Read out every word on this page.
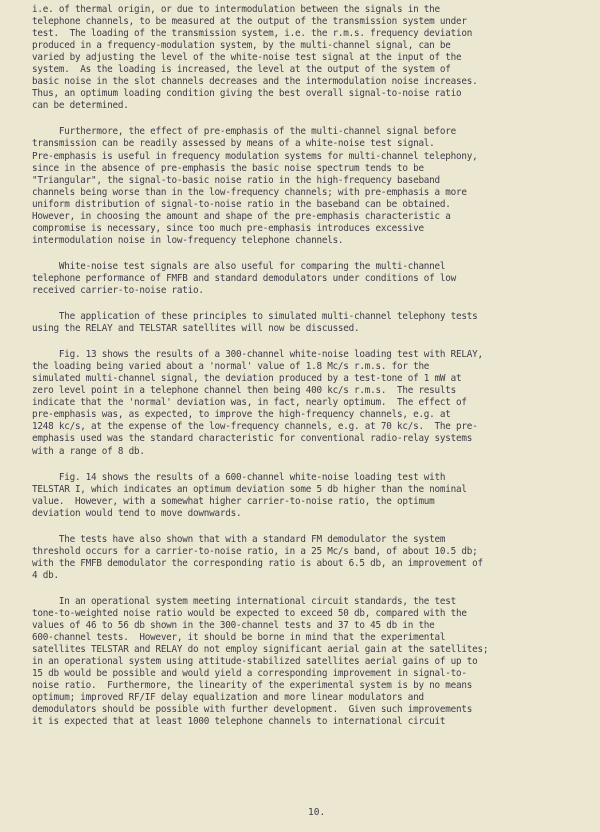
i.e. of thermal origin, or due to intermodulation between the signals in the
telephone channels, to be measured at the output of the transmission system under
test.  The loading of the transmission system, i.e. the r.m.s. frequency deviation
produced in a frequency-modulation system, by the multi-channel signal, can be
varied by adjusting the level of the white-noise test signal at the input of the
system.  As the loading is increased, the level at the output of the system of
basic noise in the slot channels decreases and the intermodulation noise increases.
Thus, an optimum loading condition giving the best overall signal-to-noise ratio
can be determined.
Furthermore, the effect of pre-emphasis of the multi-channel signal before
transmission can be readily assessed by means of a white-noise test signal.
Pre-emphasis is useful in frequency modulation systems for multi-channel telephony,
since in the absence of pre-emphasis the basic noise spectrum tends to be
"Triangular", the signal-to-basic noise ratio in the high-frequency baseband
channels being worse than in the low-frequency channels; with pre-emphasis a more
uniform distribution of signal-to-noise ratio in the baseband can be obtained.
However, in choosing the amount and shape of the pre-emphasis characteristic a
compromise is necessary, since too much pre-emphasis introduces excessive
intermodulation noise in low-frequency telephone channels.
White-noise test signals are also useful for comparing the multi-channel
telephone performance of FMFB and standard demodulators under conditions of low
received carrier-to-noise ratio.
The application of these principles to simulated multi-channel telephony tests
using the RELAY and TELSTAR satellites will now be discussed.
Fig. 13 shows the results of a 300-channel white-noise loading test with RELAY,
the loading being varied about a 'normal' value of 1.8 Mc/s r.m.s. for the
simulated multi-channel signal, the deviation produced by a test-tone of 1 mW at
zero level point in a telephone channel then being 400 kc/s r.m.s.  The results
indicate that the 'normal' deviation was, in fact, nearly optimum.  The effect of
pre-emphasis was, as expected, to improve the high-frequency channels, e.g. at
1248 kc/s, at the expense of the low-frequency channels, e.g. at 70 kc/s.  The pre-
emphasis used was the standard characteristic for conventional radio-relay systems
with a range of 8 db.
Fig. 14 shows the results of a 600-channel white-noise loading test with
TELSTAR I, which indicates an optimum deviation some 5 db higher than the nominal
value.  However, with a somewhat higher carrier-to-noise ratio, the optimum
deviation would tend to move downwards.
The tests have also shown that with a standard FM demodulator the system
threshold occurs for a carrier-to-noise ratio, in a 25 Mc/s band, of about 10.5 db;
with the FMFB demodulator the corresponding ratio is about 6.5 db, an improvement of
4 db.
In an operational system meeting international circuit standards, the test
tone-to-weighted noise ratio would be expected to exceed 50 db, compared with the
values of 46 to 56 db shown in the 300-channel tests and 37 to 45 db in the
600-channel tests.  However, it should be borne in mind that the experimental
satellites TELSTAR and RELAY do not employ significant aerial gain at the satellites;
in an operational system using attitude-stabilized satellites aerial gains of up to
15 db would be possible and would yield a corresponding improvement in signal-to-
noise ratio.  Furthermore, the linearity of the experimental system is by no means
optimum; improved RF/IF delay equalization and more linear modulators and
demodulators should be possible with further development.  Given such improvements
it is expected that at least 1000 telephone channels to international circuit
10.
